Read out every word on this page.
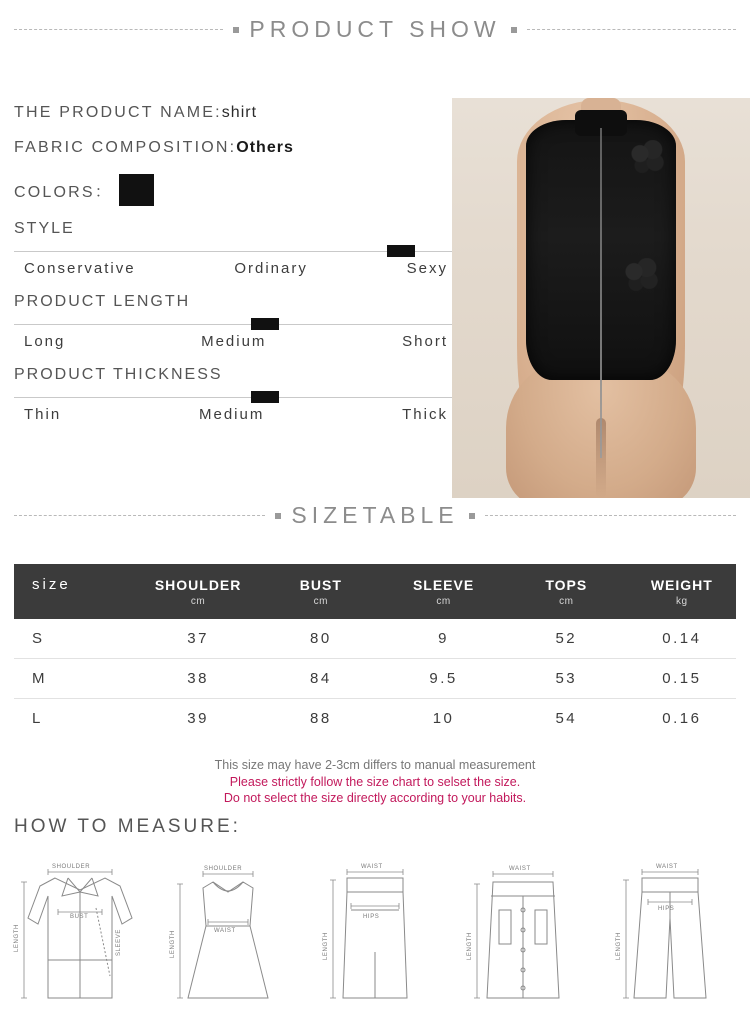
PRODUCT SHOW
THE PRODUCT NAME:shirt
FABRIC COMPOSITION:Others
COLORS：
STYLE
Conservative	Ordinary	Sexy
PRODUCT LENGTH
Long	Medium	Short
PRODUCT THICKNESS
Thin	Medium	Thick
SIZETABLE
size	SHOULDER	BUST	SLEEVE	TOPS	WEIGHT
	cm	cm	cm	cm	kg
S	37	80	9	52	0.14
M	38	84	9.5	53	0.15
L	39	88	10	54	0.16
This size may have 2-3cm differs to manual measurement
Please strictly follow the size chart to selset the size.
Do not select the size directly according to your habits.
HOW TO MEASURE:
SHOULDER
BUST
LENGTH	SLEEVE
SHOULDER
WAIST
LENGTH
WAIST
HIPS
LENGTH
WAIST
LENGTH
WAIST
HIPS
LENGTH
